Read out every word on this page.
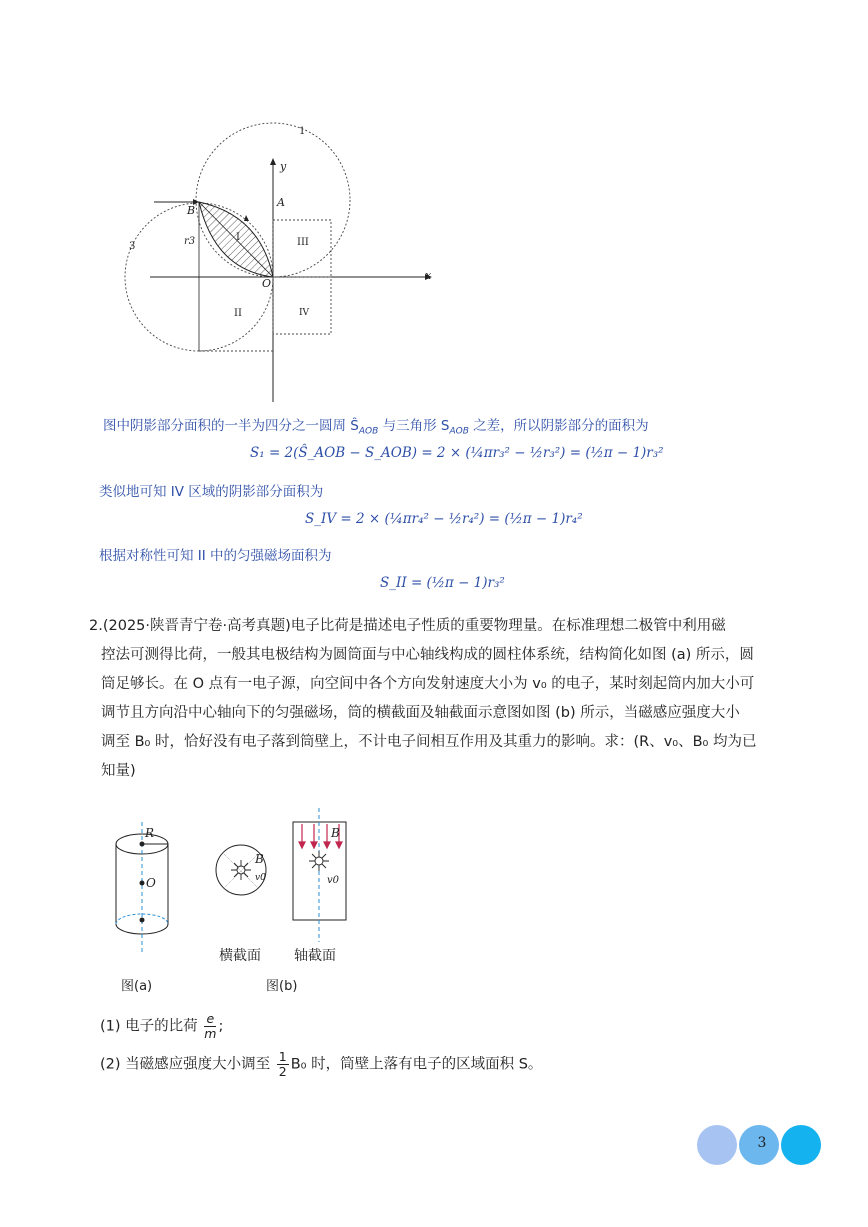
y
x
A
B
O
r3	I
II
III
IV
1
3
图中阴影部分面积的一半为四分之一圆周 $Ŝ_{AOB}$ 与三角形 $S_{AOB}$ 之差，所以阴影部分的面积为
S₁ = 2(Ŝ_AOB − S_AOB) = 2 × (¼πr₃² − ½r₃²) = (½π − 1)r₃²
类似地可知 IV 区域的阴影部分面积为
S_IV = 2 × (¼πr₄² − ½r₄²) = (½π − 1)r₄²
根据对称性可知 II 中的匀强磁场面积为
S_II = (½π − 1)r₃²
2.(2025·陕晋青宁卷·高考真题)电子比荷是描述电子性质的重要物理量。在标准理想二极管中利用磁
控法可测得比荷，一般其电极结构为圆筒面与中心轴线构成的圆柱体系统，结构简化如图 (a) 所示，圆
筒足够长。在 O 点有一电子源，向空间中各个方向发射速度大小为 v₀ 的电子，某时刻起筒内加大小可
调节且方向沿中心轴向下的匀强磁场，筒的横截面及轴截面示意图如图 (b) 所示，当磁感应强度大小
调至 B₀ 时，恰好没有电子落到筒壁上，不计电子间相互作用及其重力的影响。求：(R、v₀、B₀ 均为已
知量)
R
O
B
v0
B
v0
横截面 轴截面
图(a)	图(b)
(1) 电子的比荷 $\frac{e}{m}$ ;
(2) 当磁感应强度大小调至 $\frac{1}{2} B_0$ 时，筒壁上落有电子的区域面积 S。
3
